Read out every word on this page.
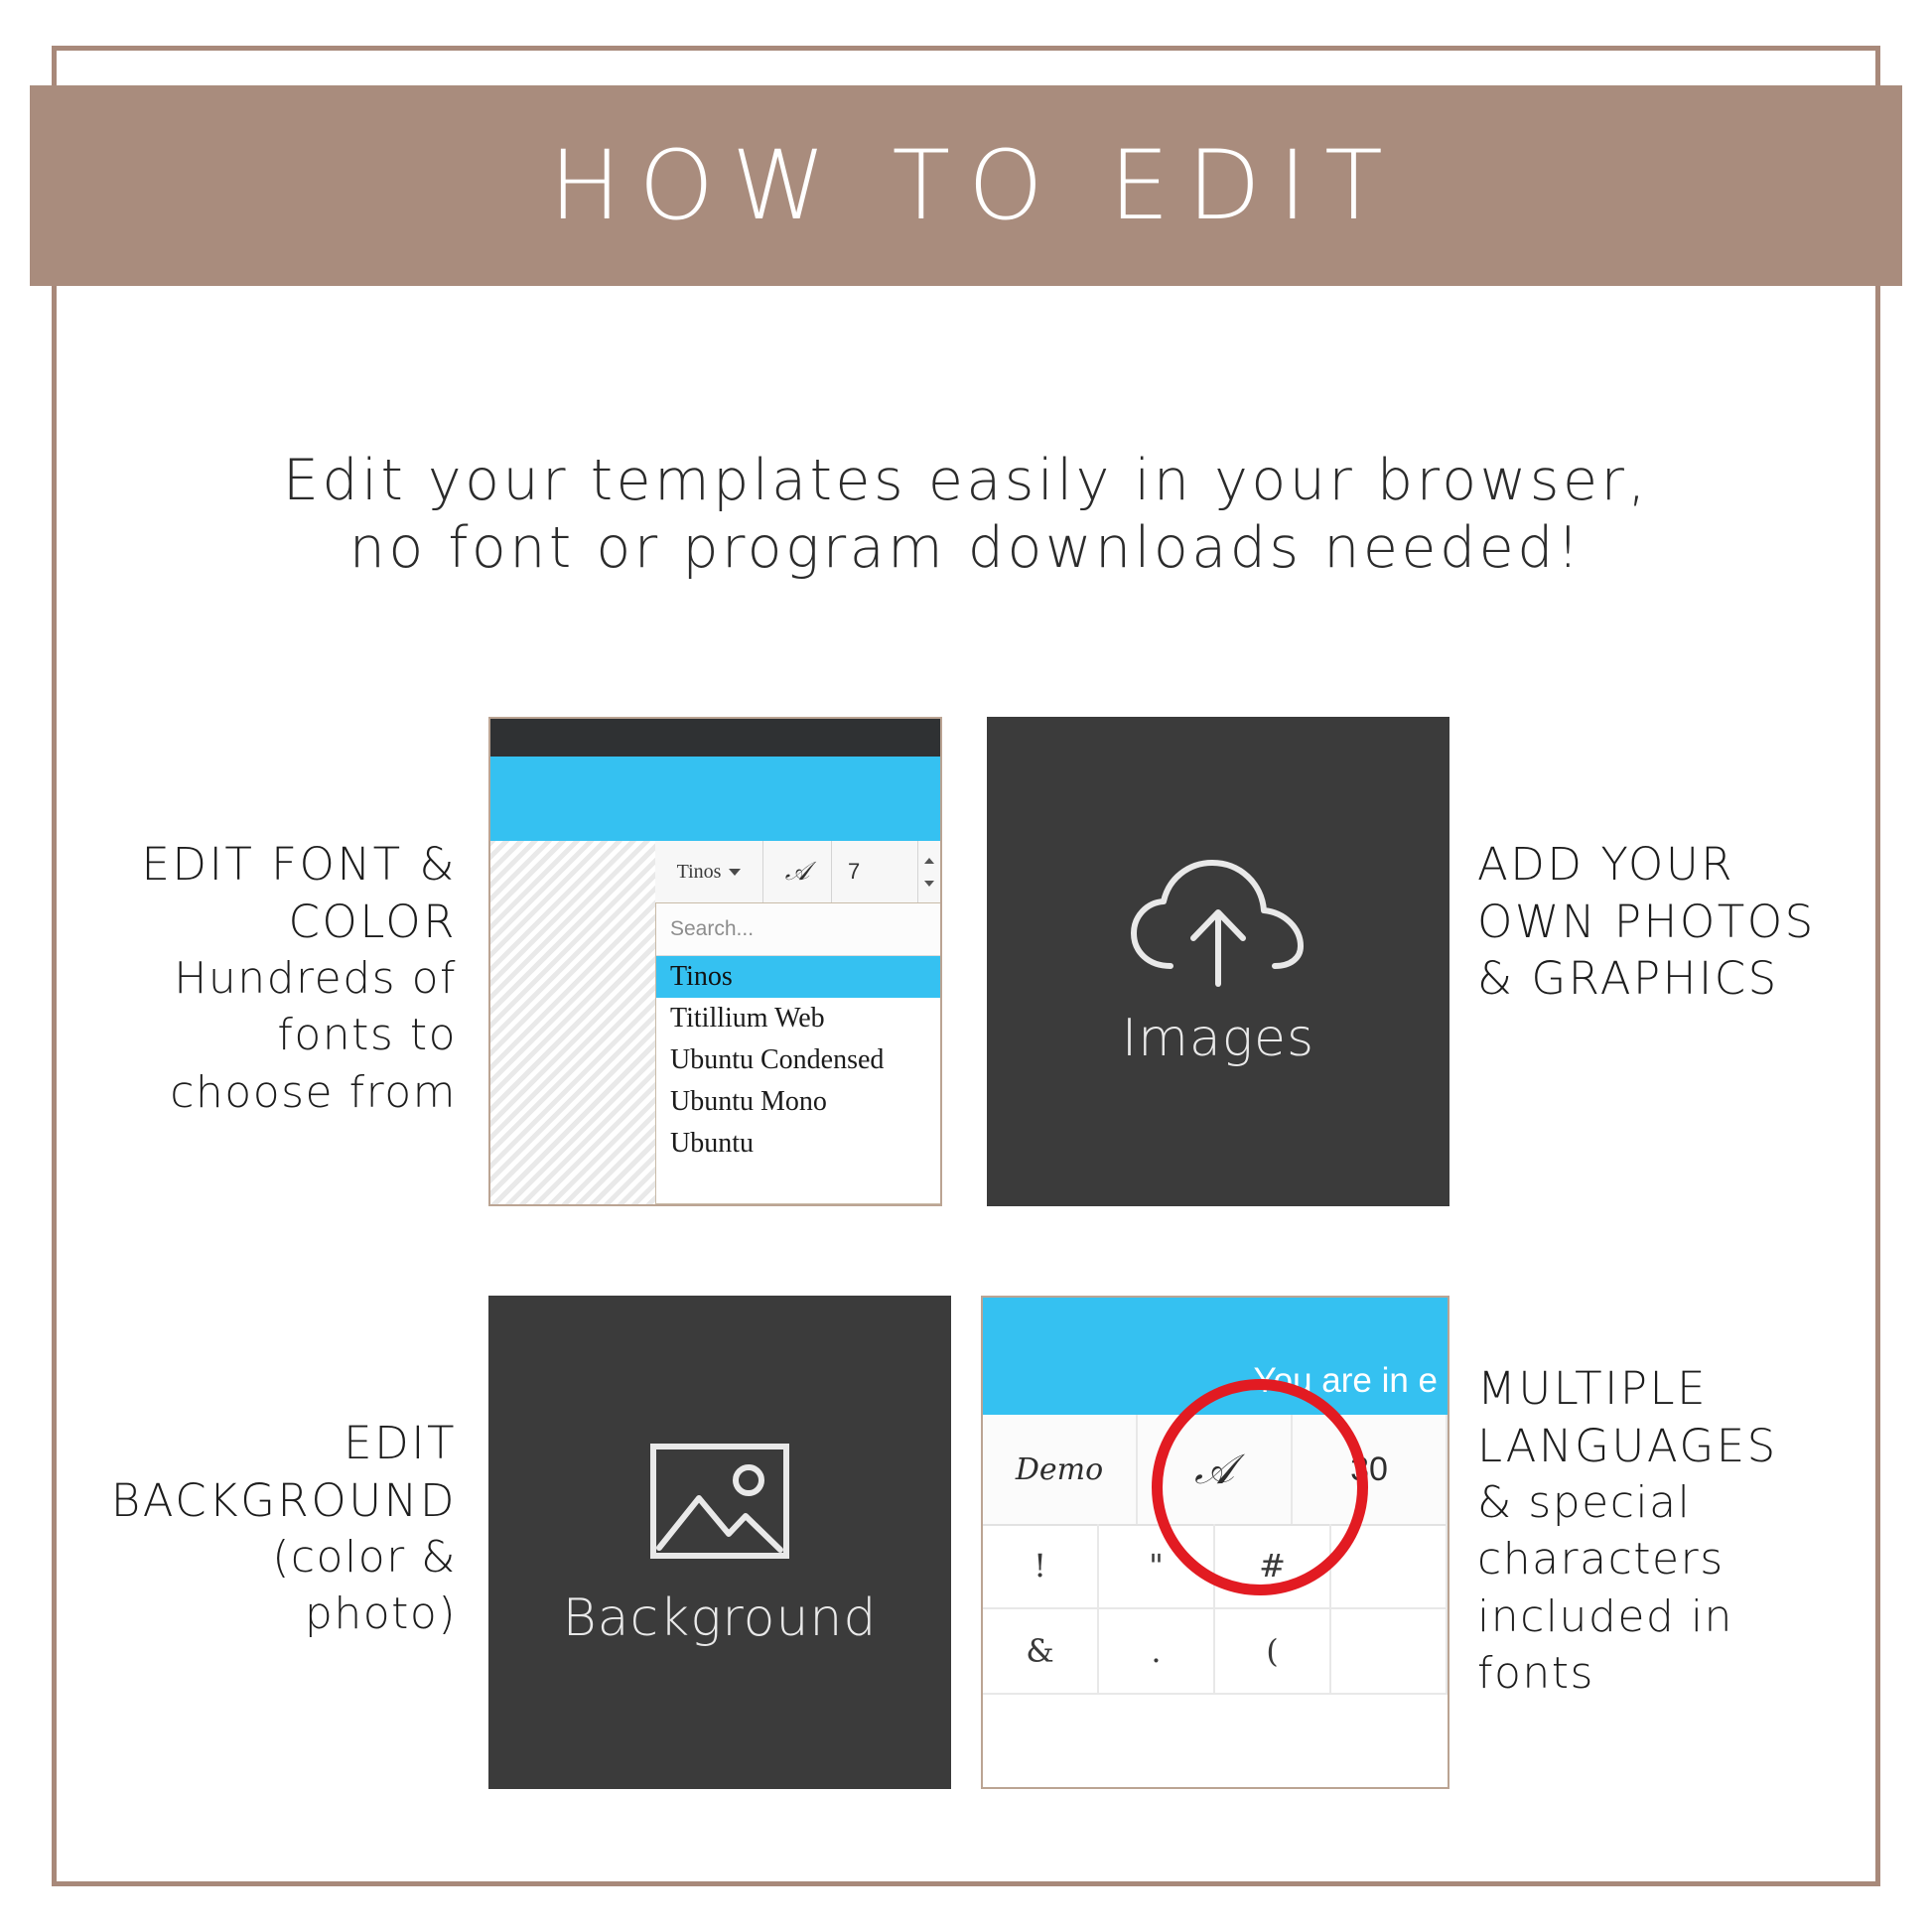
HOW TO EDIT
Edit your templates easily in your browser,
no font or program downloads needed!
EDIT FONT &
COLOR
Hundreds of
fonts to
choose from
ADD YOUR
OWN PHOTOS
& GRAPHICS
EDIT
BACKGROUND
(color &
photo)
MULTIPLE
LANGUAGES
& special
characters
included in
fonts
Tinos	𝒜	7
Search...
Tinos
Titillium Web
Ubuntu Condensed
Ubuntu Mono
Ubuntu
Images
Background
You are in e
Demo	𝒜	30
!	"	#
&	.	(
